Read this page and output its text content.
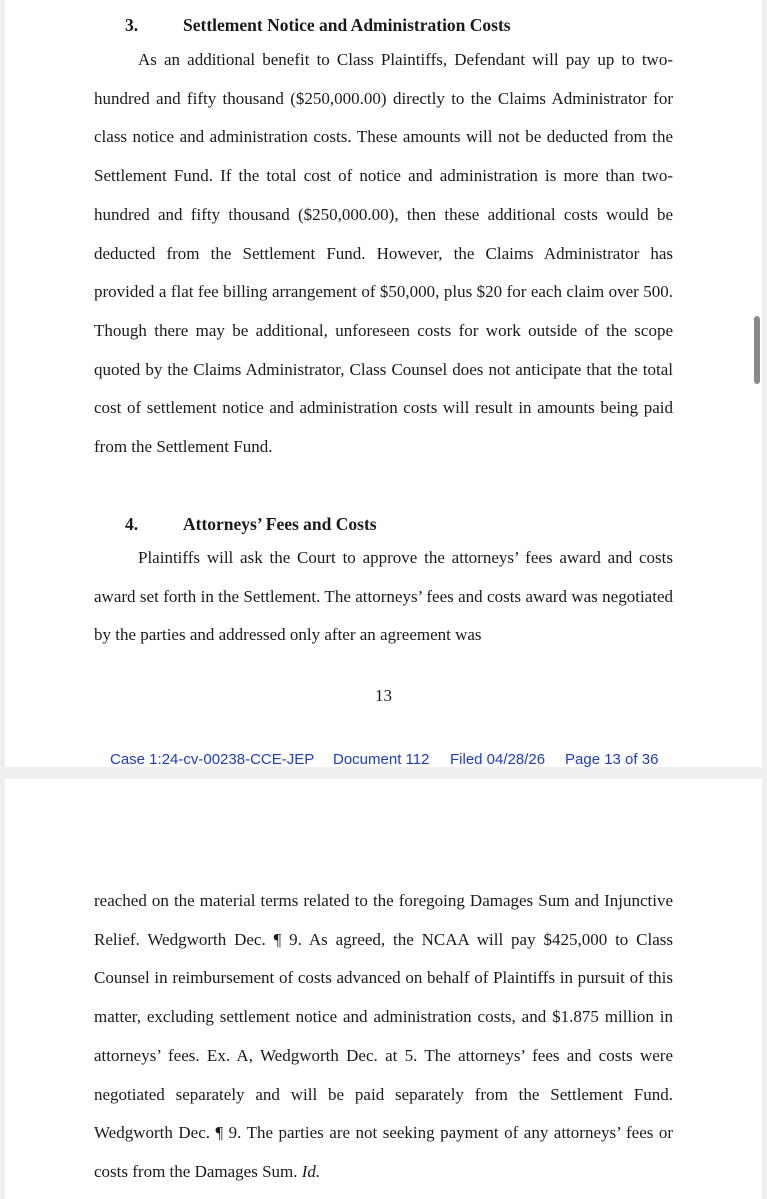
3.	Settlement Notice and Administration Costs

As an additional benefit to Class Plaintiffs, Defendant will pay up to two-hundred and fifty thousand ($250,000.00) directly to the Claims Administrator for class notice and administration costs. These amounts will not be deducted from the Settlement Fund. If the total cost of notice and administration is more than two-hundred and fifty thousand ($250,000.00), then these additional costs would be deducted from the Settlement Fund. However, the Claims Administrator has provided a flat fee billing arrangement of $50,000, plus $20 for each claim over 500. Though there may be additional, unforeseen costs for work outside of the scope quoted by the Claims Administrator, Class Counsel does not anticipate that the total cost of settlement notice and administration costs will result in amounts being paid from the Settlement Fund.

4.	Attorneys’ Fees and Costs

Plaintiffs will ask the Court to approve the attorneys’ fees award and costs award set forth in the Settlement. The attorneys’ fees and costs award was negotiated by the parties and addressed only after an agreement was

13
Case 1:24-cv-00238-CCE-JEP Document 112 Filed 04/28/26 Page 13 of 36

reached on the material terms related to the foregoing Damages Sum and Injunctive Relief. Wedgworth Dec. ¶ 9. As agreed, the NCAA will pay $425,000 to Class Counsel in reimbursement of costs advanced on behalf of Plaintiffs in pursuit of this matter, excluding settlement notice and administration costs, and $1.875 million in attorneys’ fees. Ex. A, Wedgworth Dec. at 5. The attorneys’ fees and costs were negotiated separately and will be paid separately from the Settlement Fund. Wedgworth Dec. ¶ 9. The parties are not seeking payment of any attorneys’ fees or costs from the Damages Sum. Id.
